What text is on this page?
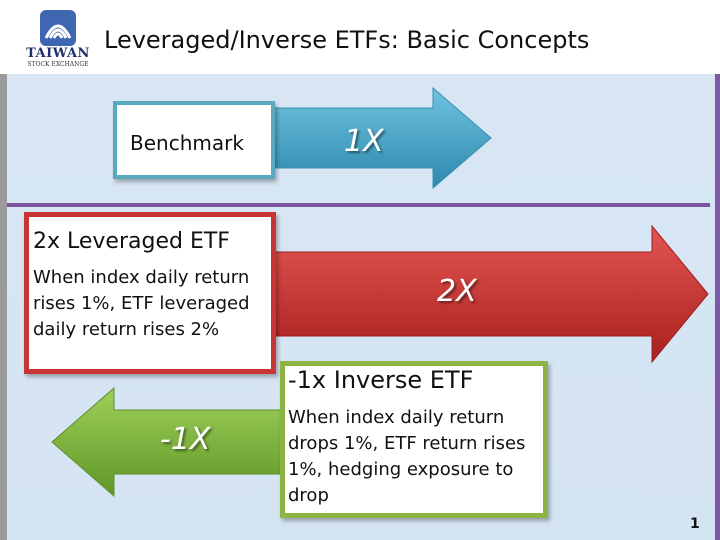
TAIWAN
STOCK EXCHANGE
Leveraged/Inverse ETFs: Basic Concepts
1X
Benchmark
2X
2x Leveraged ETF
When index daily return rises 1%, ETF leveraged daily return rises 2%
-1X
-1x Inverse ETF
When index daily return drops 1%, ETF return rises 1%, hedging exposure to drop
1
